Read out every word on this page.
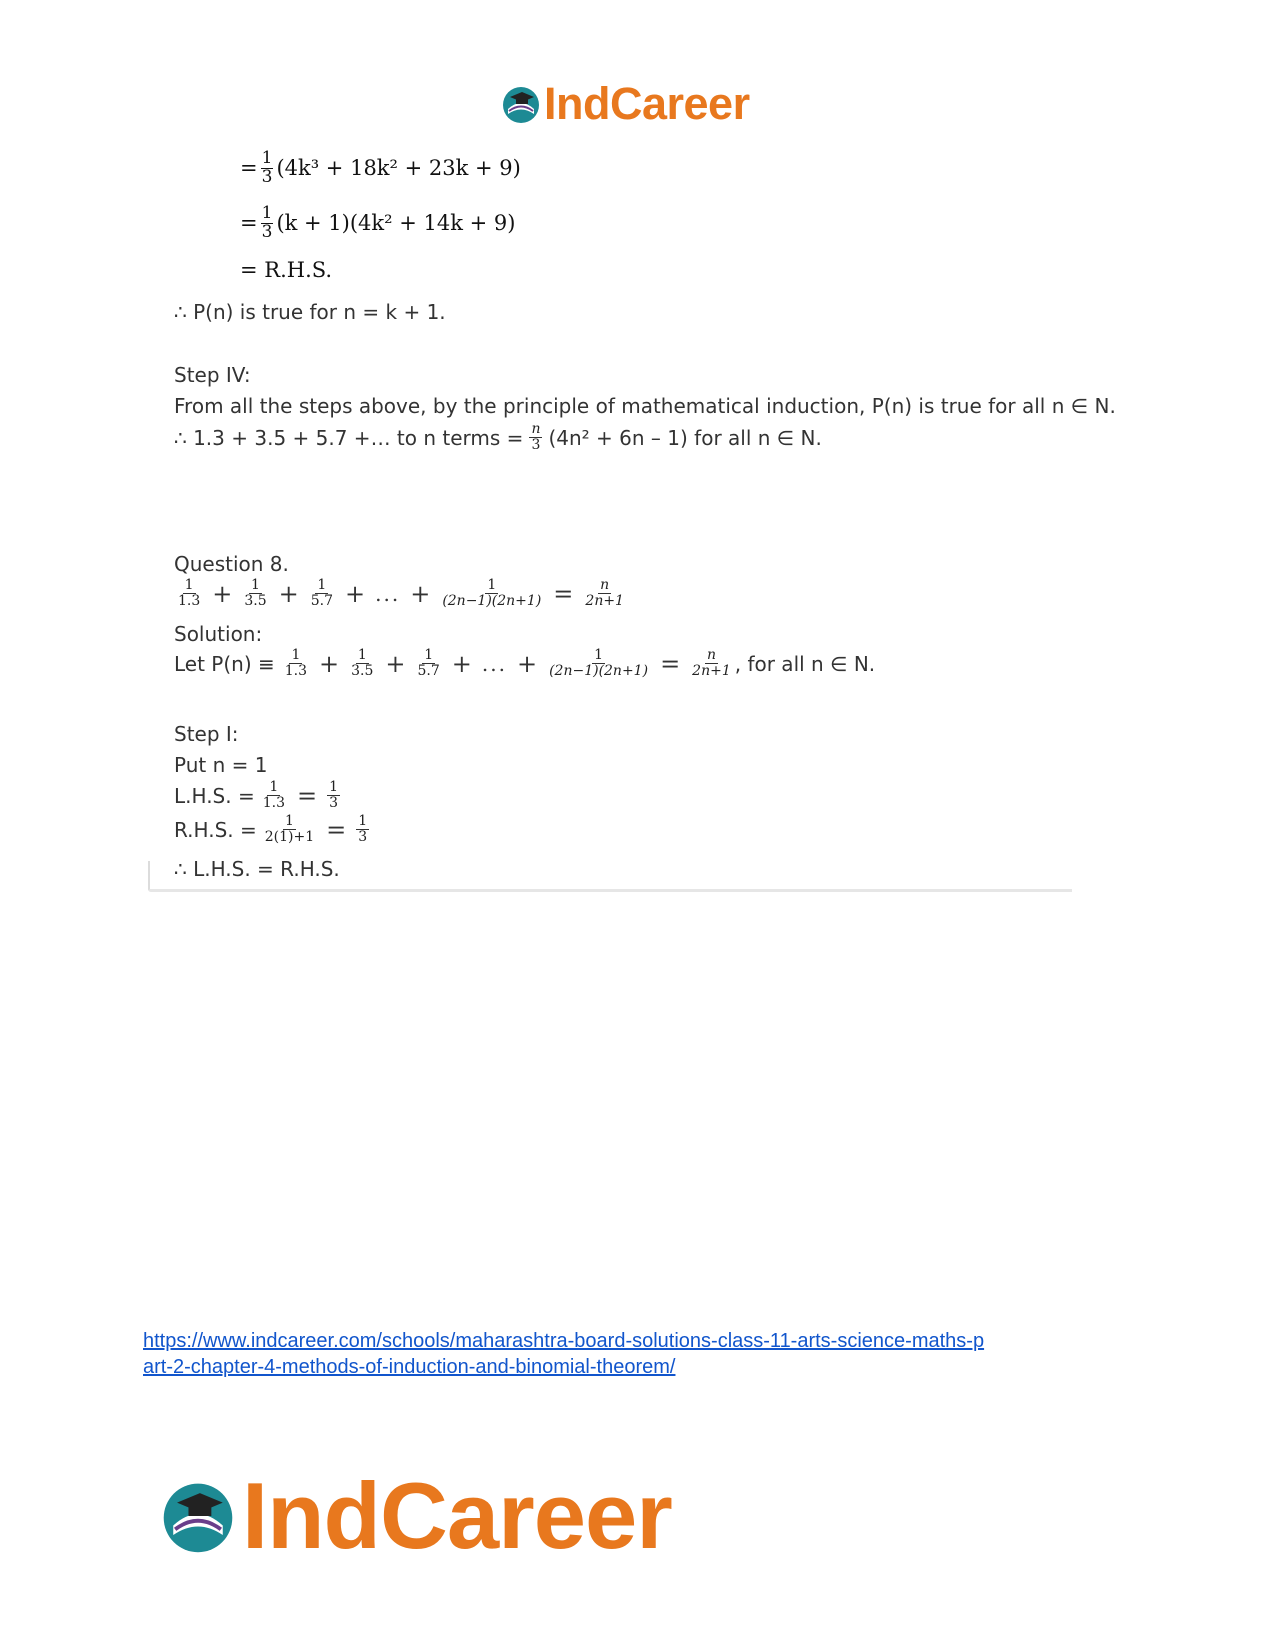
IndCareer
= $\frac{1}{3} (4k^3 + 18k^2 + 23k + 9)$
= $\frac{1}{3} (k + 1)(4k^2 + 14k + 9)$
= R.H.S.
∴ P(n) is true for n = k + 1.
Step IV:
From all the steps above, by the principle of mathematical induction, P(n) is true for all n ∈ N.
∴ 1.3 + 3.5 + 5.7 +… to n terms = $\frac{n}{3} (4n^2 + 6n - 1)$ for all n ∈ N.
Question 8.
$\frac{1}{1.3} + \frac{1}{3.5} + \frac{1}{5.7}$ + ... + $\frac{1}{(2n-1)(2n+1)} = \frac{n}{2n+1}$
Solution:
Let $P(n) \equiv \frac{1}{1.3} + \frac{1}{3.5} + \frac{1}{5.7}$ + ... + $\frac{1}{(2n-1)(2n+1)} = \frac{n}{2n+1}$ , for all n ∈ N.
Step I:
Put n = 1
L.H.S. = $\frac{1}{1.3} = \frac{1}{3}$
R.H.S. = $\frac{1}{2(1)+1} = \frac{1}{3}$
∴ L.H.S. = R.H.S.
https://www.indcareer.com/schools/maharashtra-board-solutions-class-11-arts-science-maths-p
art-2-chapter-4-methods-of-induction-and-binomial-theorem/
IndCareer
